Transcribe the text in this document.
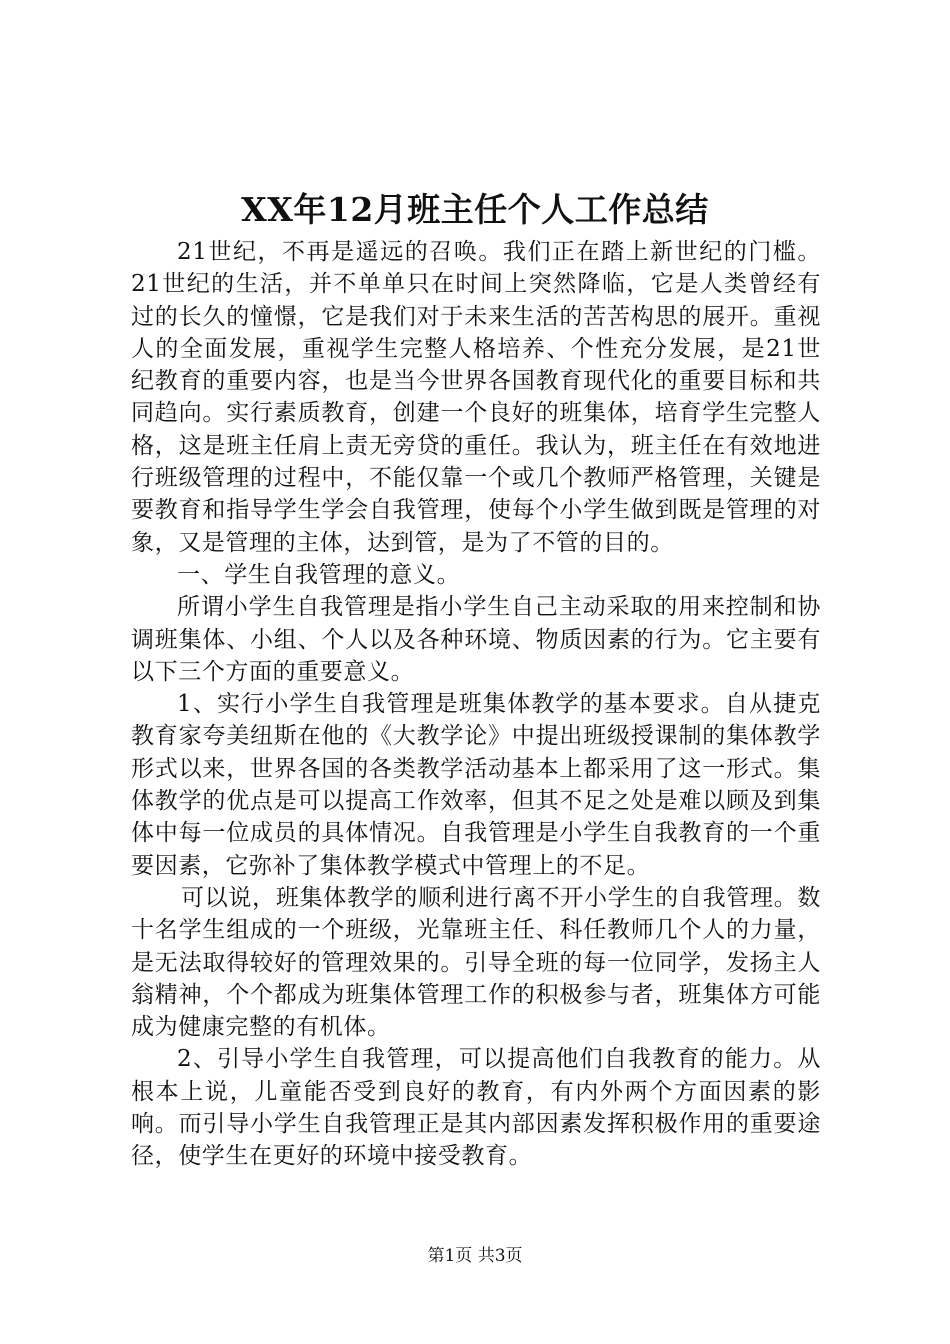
XX年12月班主任个人工作总结

21世纪，不再是遥远的召唤。我们正在踏上新世纪的门槛。21世纪的生活，并不单单只在时间上突然降临，它是人类曾经有过的长久的憧憬，它是我们对于未来生活的苦苦构思的展开。重视人的全面发展，重视学生完整人格培养、个性充分发展，是21世纪教育的重要内容，也是当今世界各国教育现代化的重要目标和共同趋向。实行素质教育，创建一个良好的班集体，培育学生完整人格，这是班主任肩上责无旁贷的重任。我认为，班主任在有效地进行班级管理的过程中，不能仅靠一个或几个教师严格管理，关键是要教育和指导学生学会自我管理，使每个小学生做到既是管理的对象，又是管理的主体，达到管，是为了不管的目的。

一、学生自我管理的意义。

所谓小学生自我管理是指小学生自己主动采取的用来控制和协调班集体、小组、个人以及各种环境、物质因素的行为。它主要有以下三个方面的重要意义。

1、实行小学生自我管理是班集体教学的基本要求。自从捷克教育家夸美纽斯在他的《大教学论》中提出班级授课制的集体教学形式以来，世界各国的各类教学活动基本上都采用了这一形式。集体教学的优点是可以提高工作效率，但其不足之处是难以顾及到集体中每一位成员的具体情况。自我管理是小学生自我教育的一个重要因素，它弥补了集体教学模式中管理上的不足。

可以说，班集体教学的顺利进行离不开小学生的自我管理。数十名学生组成的一个班级，光靠班主任、科任教师几个人的力量，是无法取得较好的管理效果的。引导全班的每一位同学，发扬主人翁精神，个个都成为班集体管理工作的积极参与者，班集体方可能成为健康完整的有机体。

2、引导小学生自我管理，可以提高他们自我教育的能力。从根本上说，儿童能否受到良好的教育，有内外两个方面因素的影响。而引导小学生自我管理正是其内部因素发挥积极作用的重要途径，使学生在更好的环境中接受教育。

第1页 共3页
